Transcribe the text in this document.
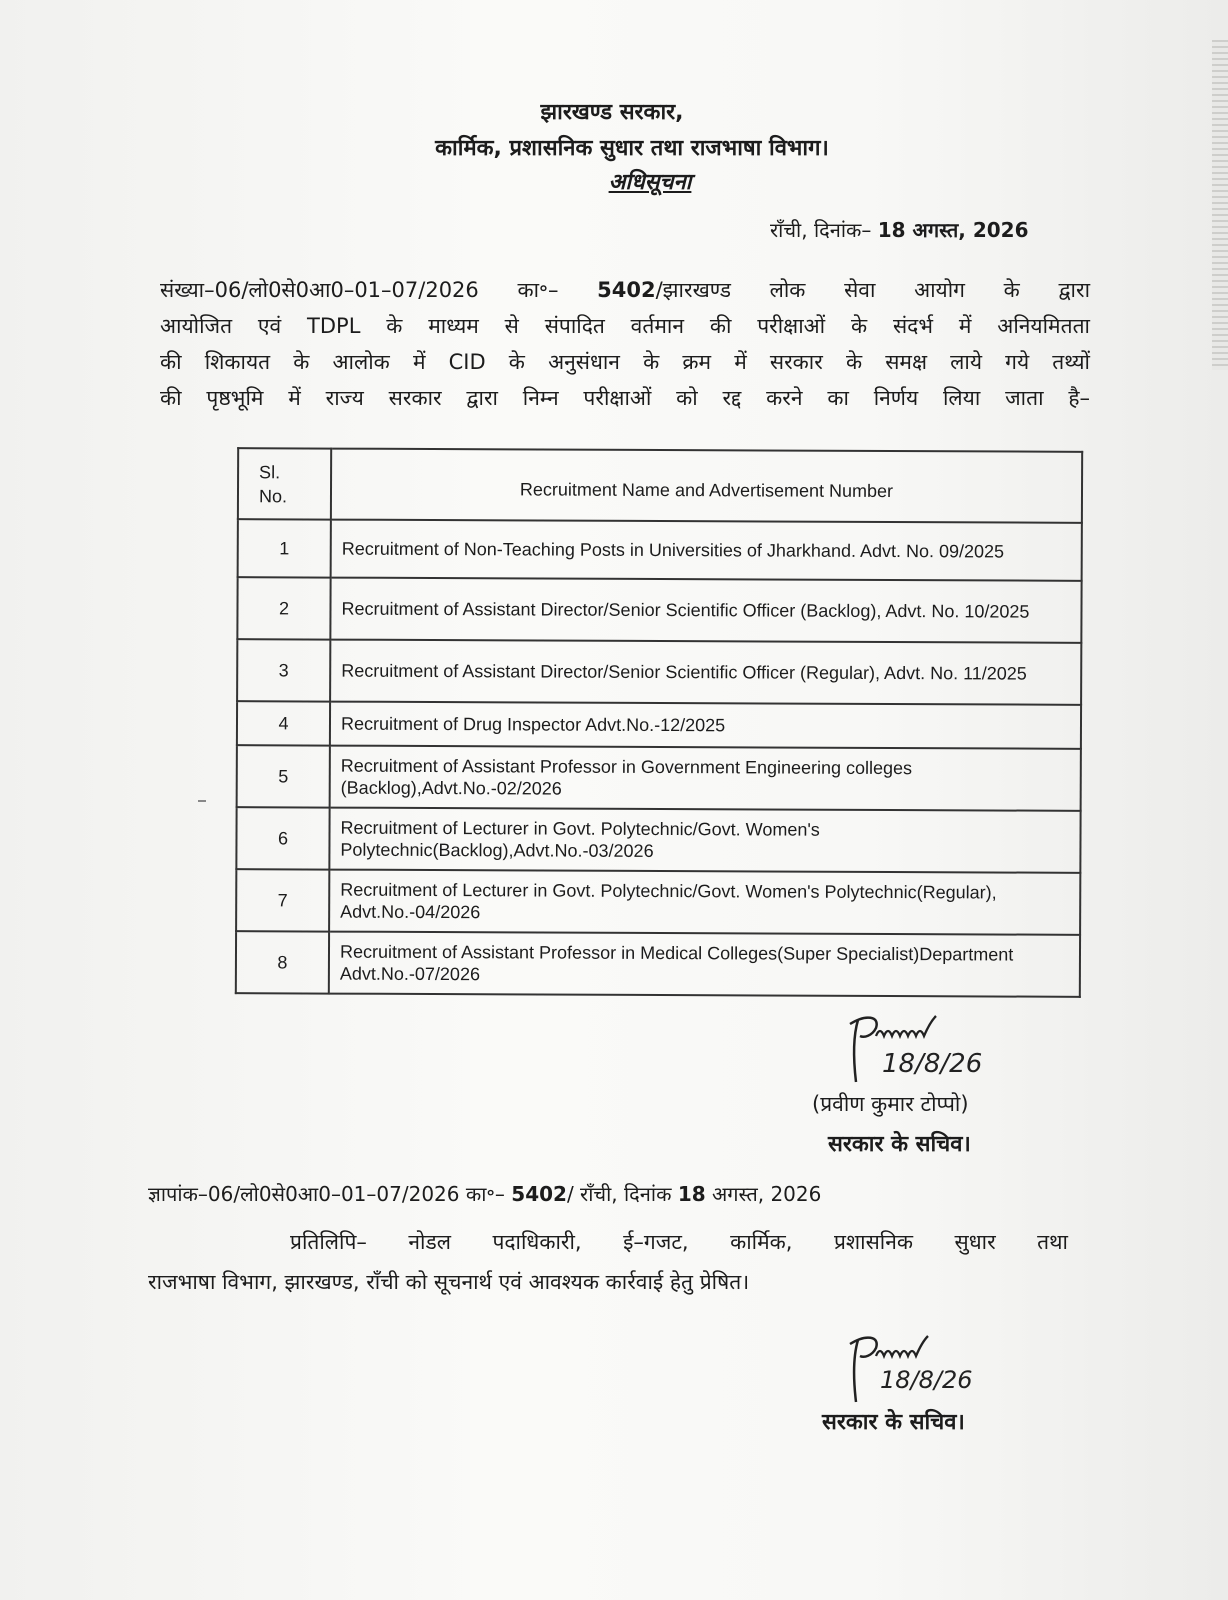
झारखण्ड सरकार,
कार्मिक, प्रशासनिक सुधार तथा राजभाषा विभाग।
अधिसूचना
राँची, दिनांक– 18 अगस्त, 2026
संख्या–06/लो0से0आ0–01–07/2026 का॰– 5402/झारखण्ड लोक सेवा आयोग के द्वारा
आयोजित एवं TDPL के माध्यम से संपादित वर्तमान की परीक्षाओं के संदर्भ में अनियमितता
की शिकायत के आलोक में CID के अनुसंधान के क्रम में सरकार के समक्ष लाये गये तथ्यों
की पृष्ठभूमि में राज्य सरकार द्वारा निम्न परीक्षाओं को रद्द करने का निर्णय लिया जाता है–
Sl.
No.	Recruitment Name and Advertisement Number
1	Recruitment of Non-Teaching Posts in Universities of Jharkhand. Advt. No. 09/2025
2	Recruitment of Assistant Director/Senior Scientific Officer (Backlog), Advt. No. 10/2025
3	Recruitment of Assistant Director/Senior Scientific Officer (Regular), Advt. No. 11/2025
4	Recruitment of Drug Inspector Advt.No.-12/2025
5	Recruitment of Assistant Professor in Government Engineering colleges (Backlog),Advt.No.-02/2026
6	Recruitment of Lecturer in Govt. Polytechnic/Govt. Women's Polytechnic(Backlog),Advt.No.-03/2026
7	Recruitment of Lecturer in Govt. Polytechnic/Govt. Women's Polytechnic(Regular), Advt.No.-04/2026
8	Recruitment of Assistant Professor in Medical Colleges(Super Specialist)Department Advt.No.-07/2026
18/8/26
(प्रवीण कुमार टोप्पो)
सरकार के सचिव।
ज्ञापांक–06/लो0से0आ0–01–07/2026 का॰– 5402/ राँची, दिनांक 18 अगस्त, 2026
प्रतिलिपि– नोडल पदाधिकारी, ई–गजट, कार्मिक, प्रशासनिक सुधार तथा
राजभाषा विभाग, झारखण्ड, राँची को सूचनार्थ एवं आवश्यक कार्रवाई हेतु प्रेषित।
18/8/26
सरकार के सचिव।
